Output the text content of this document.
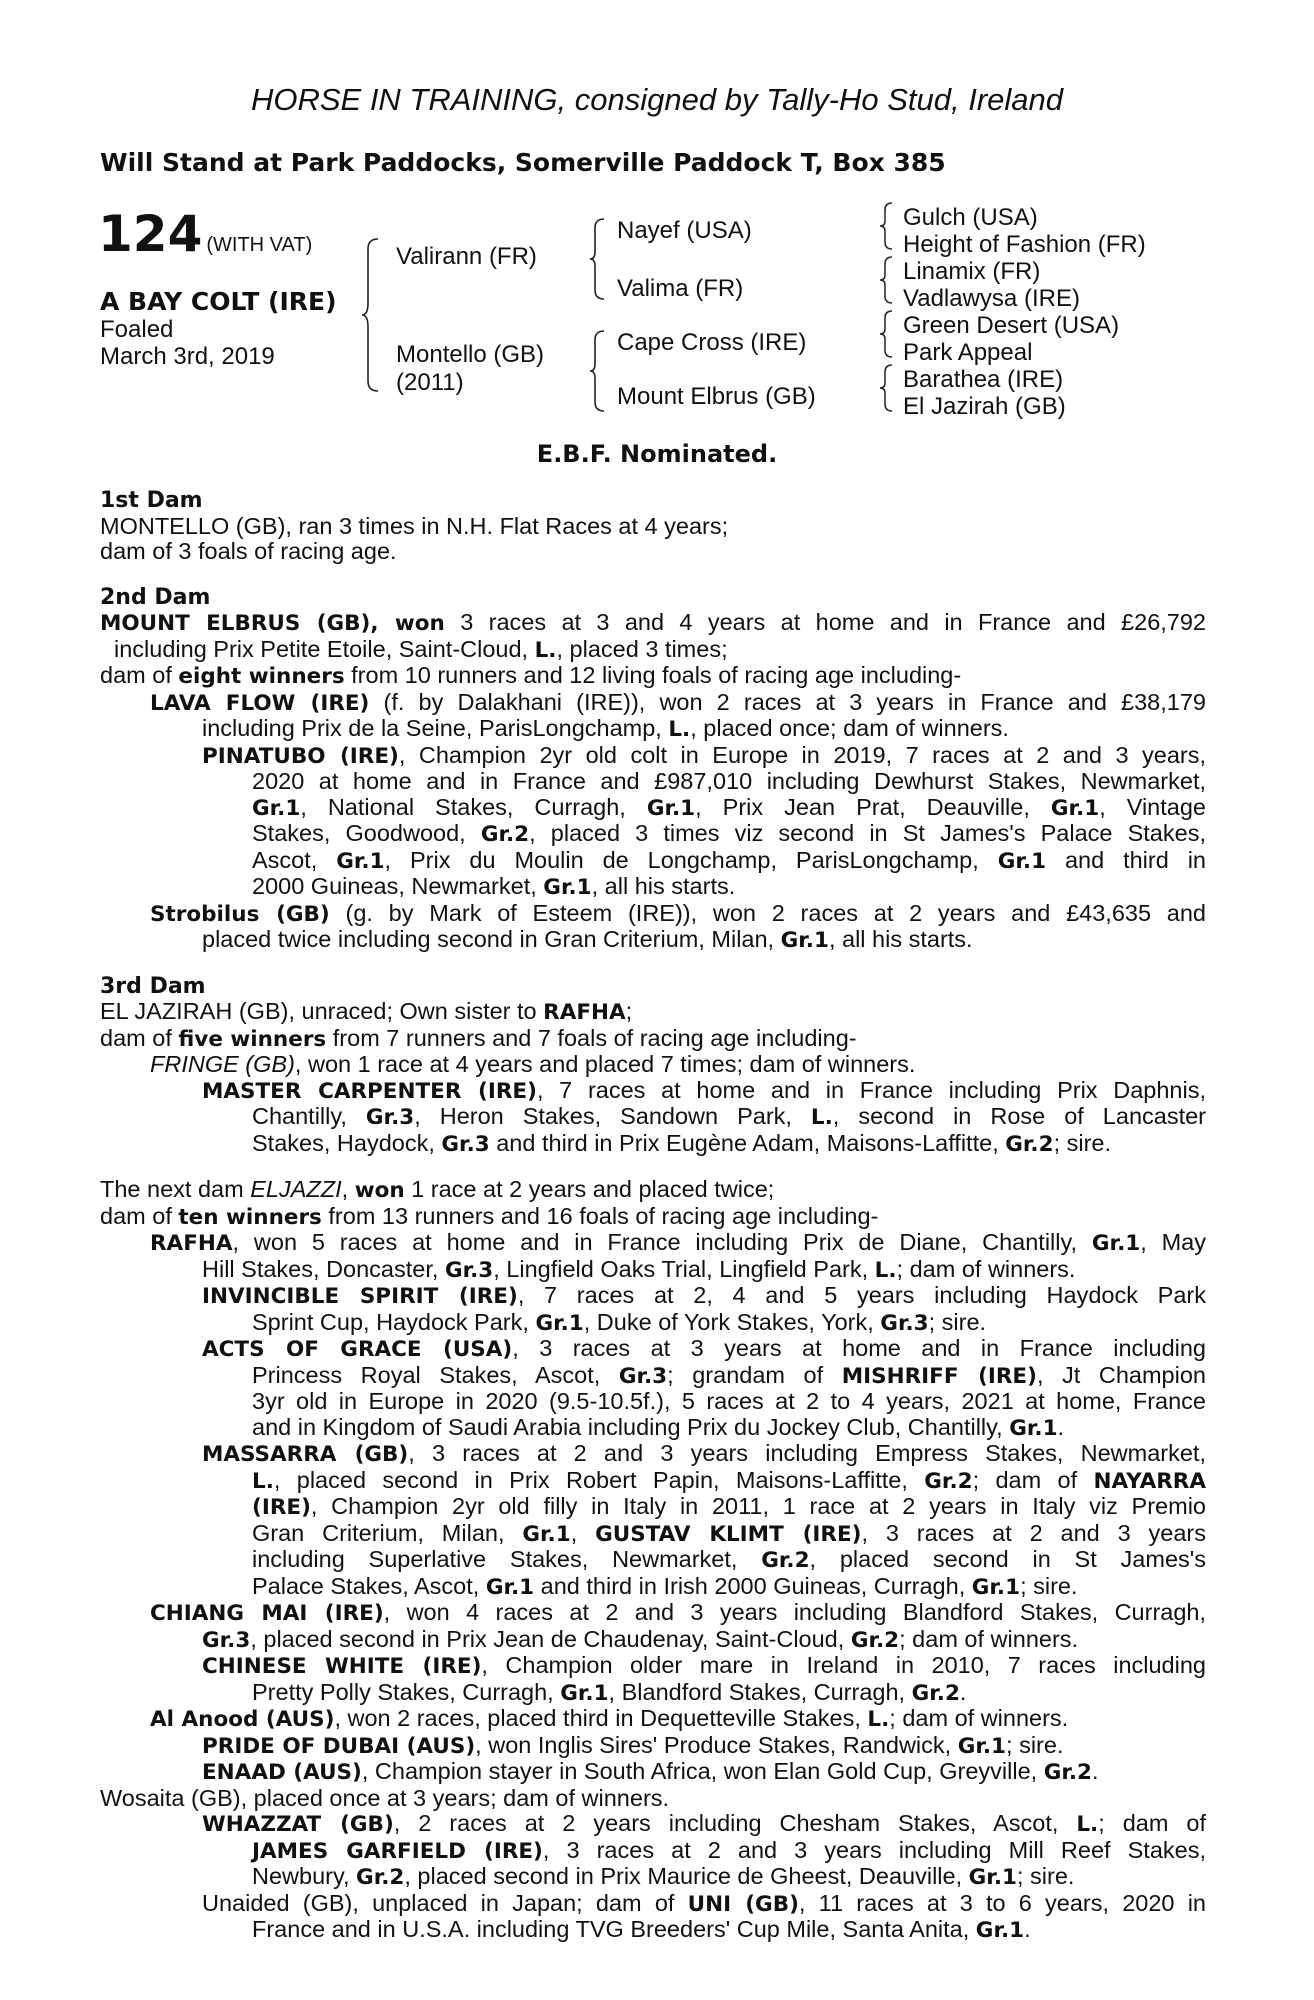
HORSE IN TRAINING, consigned by Tally-Ho Stud, Ireland
Will Stand at Park Paddocks, Somerville Paddock T, Box 385
124 (WITH VAT)
A BAY COLT (IRE)
Foaled
March 3rd, 2019
Valirann (FR)
Montello (GB)
(2011)
Nayef (USA)
Valima (FR)
Cape Cross (IRE)
Mount Elbrus (GB)
Gulch (USA)
Height of Fashion (FR)
Linamix (FR)
Vadlawysa (IRE)
Green Desert (USA)
Park Appeal
Barathea (IRE)
El Jazirah (GB)
E.B.F. Nominated.
1st Dam
MONTELLO (GB), ran 3 times in N.H. Flat Races at 4 years;
dam of 3 foals of racing age.
2nd Dam
MOUNT ELBRUS (GB), won 3 races at 3 and 4 years at home and in France and £26,792
including Prix Petite Etoile, Saint-Cloud, L., placed 3 times;
dam of eight winners from 10 runners and 12 living foals of racing age including-
LAVA FLOW (IRE) (f. by Dalakhani (IRE)), won 2 races at 3 years in France and £38,179
including Prix de la Seine, ParisLongchamp, L., placed once; dam of winners.
PINATUBO (IRE), Champion 2yr old colt in Europe in 2019, 7 races at 2 and 3 years,
2020 at home and in France and £987,010 including Dewhurst Stakes, Newmarket,
Gr.1, National Stakes, Curragh, Gr.1, Prix Jean Prat, Deauville, Gr.1, Vintage
Stakes, Goodwood, Gr.2, placed 3 times viz second in St James's Palace Stakes,
Ascot, Gr.1, Prix du Moulin de Longchamp, ParisLongchamp, Gr.1 and third in
2000 Guineas, Newmarket, Gr.1, all his starts.
Strobilus (GB) (g. by Mark of Esteem (IRE)), won 2 races at 2 years and £43,635 and
placed twice including second in Gran Criterium, Milan, Gr.1, all his starts.
3rd Dam
EL JAZIRAH (GB), unraced; Own sister to RAFHA;
dam of five winners from 7 runners and 7 foals of racing age including-
FRINGE (GB), won 1 race at 4 years and placed 7 times; dam of winners.
MASTER CARPENTER (IRE), 7 races at home and in France including Prix Daphnis,
Chantilly, Gr.3, Heron Stakes, Sandown Park, L., second in Rose of Lancaster
Stakes, Haydock, Gr.3 and third in Prix Eugène Adam, Maisons-Laffitte, Gr.2; sire.
The next dam ELJAZZI, won 1 race at 2 years and placed twice;
dam of ten winners from 13 runners and 16 foals of racing age including-
RAFHA, won 5 races at home and in France including Prix de Diane, Chantilly, Gr.1, May
Hill Stakes, Doncaster, Gr.3, Lingfield Oaks Trial, Lingfield Park, L.; dam of winners.
INVINCIBLE SPIRIT (IRE), 7 races at 2, 4 and 5 years including Haydock Park
Sprint Cup, Haydock Park, Gr.1, Duke of York Stakes, York, Gr.3; sire.
ACTS OF GRACE (USA), 3 races at 3 years at home and in France including
Princess Royal Stakes, Ascot, Gr.3; grandam of MISHRIFF (IRE), Jt Champion
3yr old in Europe in 2020 (9.5-10.5f.), 5 races at 2 to 4 years, 2021 at home, France
and in Kingdom of Saudi Arabia including Prix du Jockey Club, Chantilly, Gr.1.
MASSARRA (GB), 3 races at 2 and 3 years including Empress Stakes, Newmarket,
L., placed second in Prix Robert Papin, Maisons-Laffitte, Gr.2; dam of NAYARRA
(IRE), Champion 2yr old filly in Italy in 2011, 1 race at 2 years in Italy viz Premio
Gran Criterium, Milan, Gr.1, GUSTAV KLIMT (IRE), 3 races at 2 and 3 years
including Superlative Stakes, Newmarket, Gr.2, placed second in St James's
Palace Stakes, Ascot, Gr.1 and third in Irish 2000 Guineas, Curragh, Gr.1; sire.
CHIANG MAI (IRE), won 4 races at 2 and 3 years including Blandford Stakes, Curragh,
Gr.3, placed second in Prix Jean de Chaudenay, Saint-Cloud, Gr.2; dam of winners.
CHINESE WHITE (IRE), Champion older mare in Ireland in 2010, 7 races including
Pretty Polly Stakes, Curragh, Gr.1, Blandford Stakes, Curragh, Gr.2.
Al Anood (AUS), won 2 races, placed third in Dequetteville Stakes, L.; dam of winners.
PRIDE OF DUBAI (AUS), won Inglis Sires' Produce Stakes, Randwick, Gr.1; sire.
ENAAD (AUS), Champion stayer in South Africa, won Elan Gold Cup, Greyville, Gr.2.
Wosaita (GB), placed once at 3 years; dam of winners.
WHAZZAT (GB), 2 races at 2 years including Chesham Stakes, Ascot, L.; dam of
JAMES GARFIELD (IRE), 3 races at 2 and 3 years including Mill Reef Stakes,
Newbury, Gr.2, placed second in Prix Maurice de Gheest, Deauville, Gr.1; sire.
Unaided (GB), unplaced in Japan; dam of UNI (GB), 11 races at 3 to 6 years, 2020 in
France and in U.S.A. including TVG Breeders' Cup Mile, Santa Anita, Gr.1.
